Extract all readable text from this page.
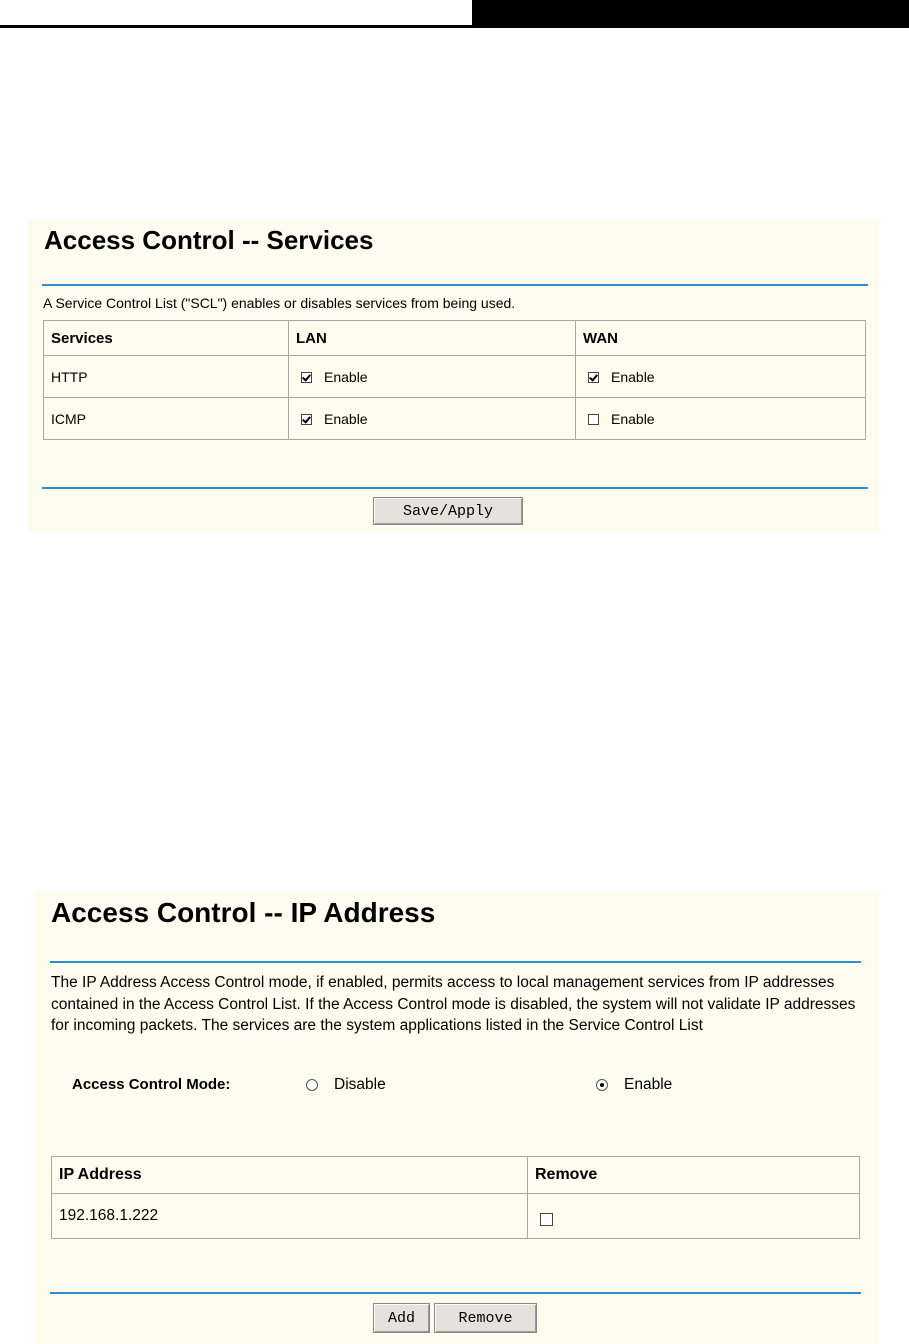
Access Control -- Services
A Service Control List ("SCL") enables or disables services from being used.
Services	LAN	WAN
HTTP	Enable	Enable
ICMP	Enable	Enable
Save/Apply
Access Control -- IP Address
The IP Address Access Control mode, if enabled, permits access to local management services from IP addresses contained in the Access Control List. If the Access Control mode is disabled, the system will not validate IP addresses for incoming packets. The services are the system applications listed in the Service Control List
Access Control Mode:	Disable	Enable
IP Address	Remove
192.168.1.222	
Add	Remove
